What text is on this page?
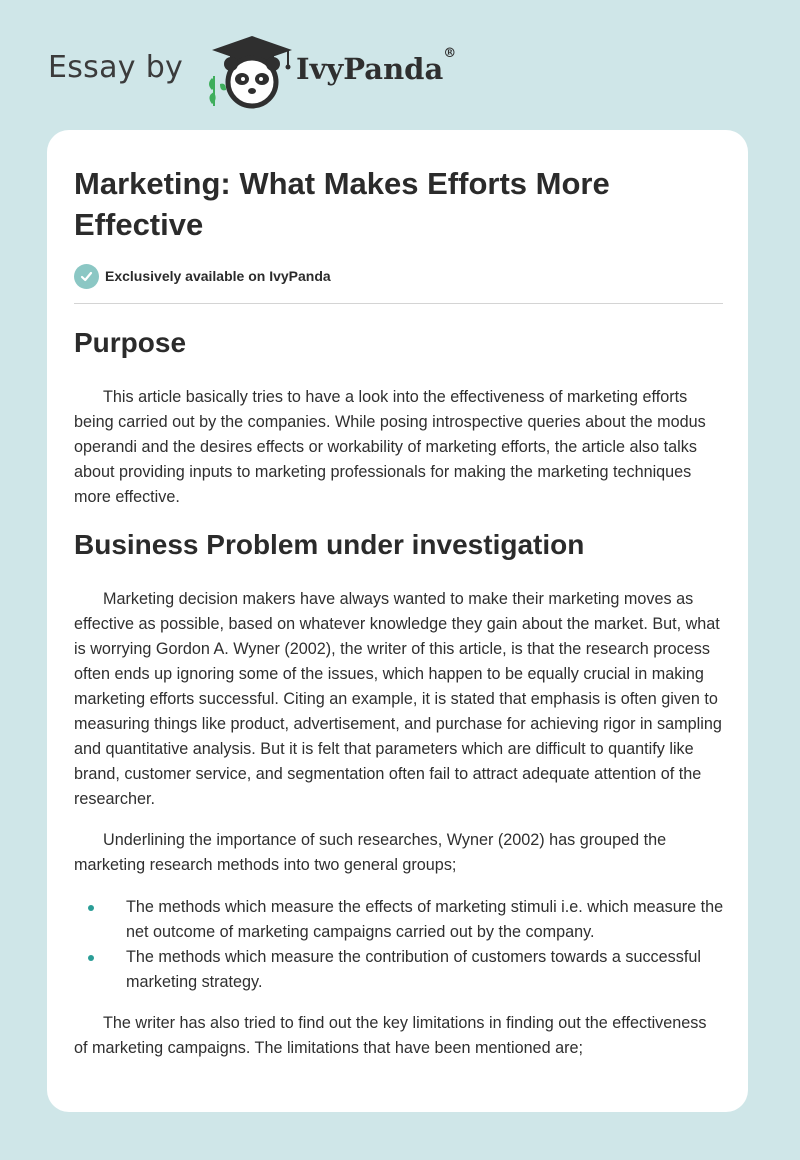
Essay by	IvyPanda®
Marketing: What Makes Efforts More Effective
Exclusively available on IvyPanda
Purpose

This article basically tries to have a look into the effectiveness of marketing efforts being carried out by the companies. While posing introspective queries about the modus operandi and the desires effects or workability of marketing efforts, the article also talks about providing inputs to marketing professionals for making the marketing techniques more effective.

Business Problem under investigation

Marketing decision makers have always wanted to make their marketing moves as effective as possible, based on whatever knowledge they gain about the market. But, what is worrying Gordon A. Wyner (2002), the writer of this article, is that the research process often ends up ignoring some of the issues, which happen to be equally crucial in making marketing efforts successful. Citing an example, it is stated that emphasis is often given to measuring things like product, advertisement, and purchase for achieving rigor in sampling and quantitative analysis. But it is felt that parameters which are difficult to quantify like brand, customer service, and segmentation often fail to attract adequate attention of the researcher.

Underlining the importance of such researches, Wyner (2002) has grouped the marketing research methods into two general groups;

The methods which measure the effects of marketing stimuli i.e. which measure the net outcome of marketing campaigns carried out by the company.
The methods which measure the contribution of customers towards a successful marketing strategy.

The writer has also tried to find out the key limitations in finding out the effectiveness of marketing campaigns. The limitations that have been mentioned are;
